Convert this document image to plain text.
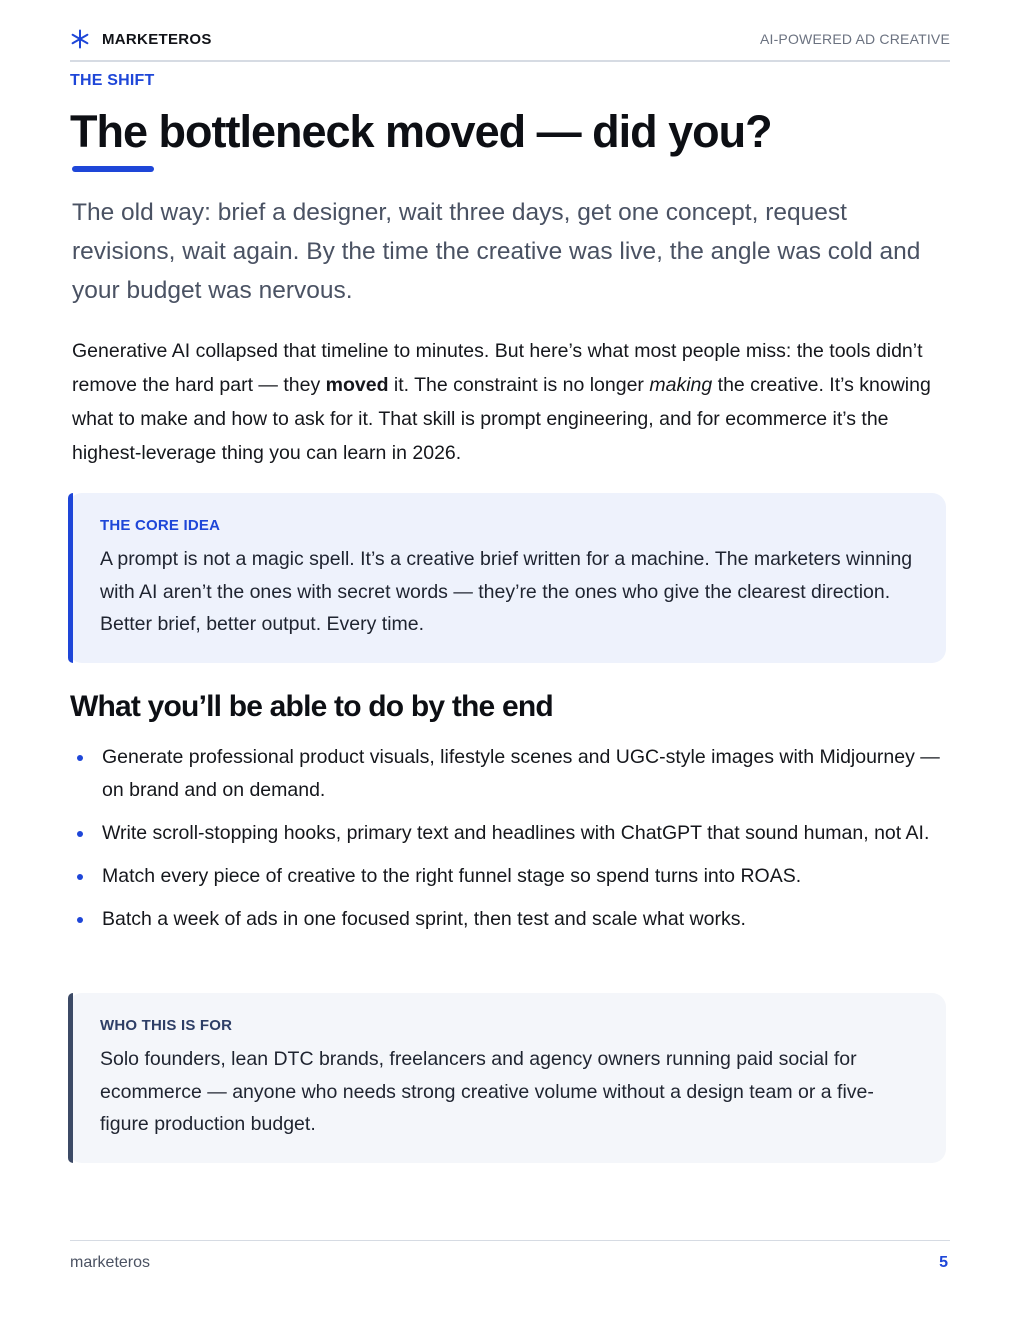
MARKETEROS	AI-POWERED AD CREATIVE
THE SHIFT
The bottleneck moved — did you?

The old way: brief a designer, wait three days, get one concept, request revisions, wait again. By the time the creative was live, the angle was cold and your budget was nervous.

Generative AI collapsed that timeline to minutes. But here’s what most people miss: the tools didn’t remove the hard part — they moved it. The constraint is no longer making the creative. It’s knowing what to make and how to ask for it. That skill is prompt engineering, and for ecommerce it’s the highest-leverage thing you can learn in 2026.

THE CORE IDEA

A prompt is not a magic spell. It’s a creative brief written for a machine. The marketers winning with AI aren’t the ones with secret words — they’re the ones who give the clearest direction. Better brief, better output. Every time.

What you’ll be able to do by the end
Generate professional product visuals, lifestyle scenes and UGC-style images with Midjourney — on brand and on demand.
Write scroll-stopping hooks, primary text and headlines with ChatGPT that sound human, not AI.
Match every piece of creative to the right funnel stage so spend turns into ROAS.
Batch a week of ads in one focused sprint, then test and scale what works.
WHO THIS IS FOR

Solo founders, lean DTC brands, freelancers and agency owners running paid social for ecommerce — anyone who needs strong creative volume without a design team or a five-figure production budget.

marketeros	5
